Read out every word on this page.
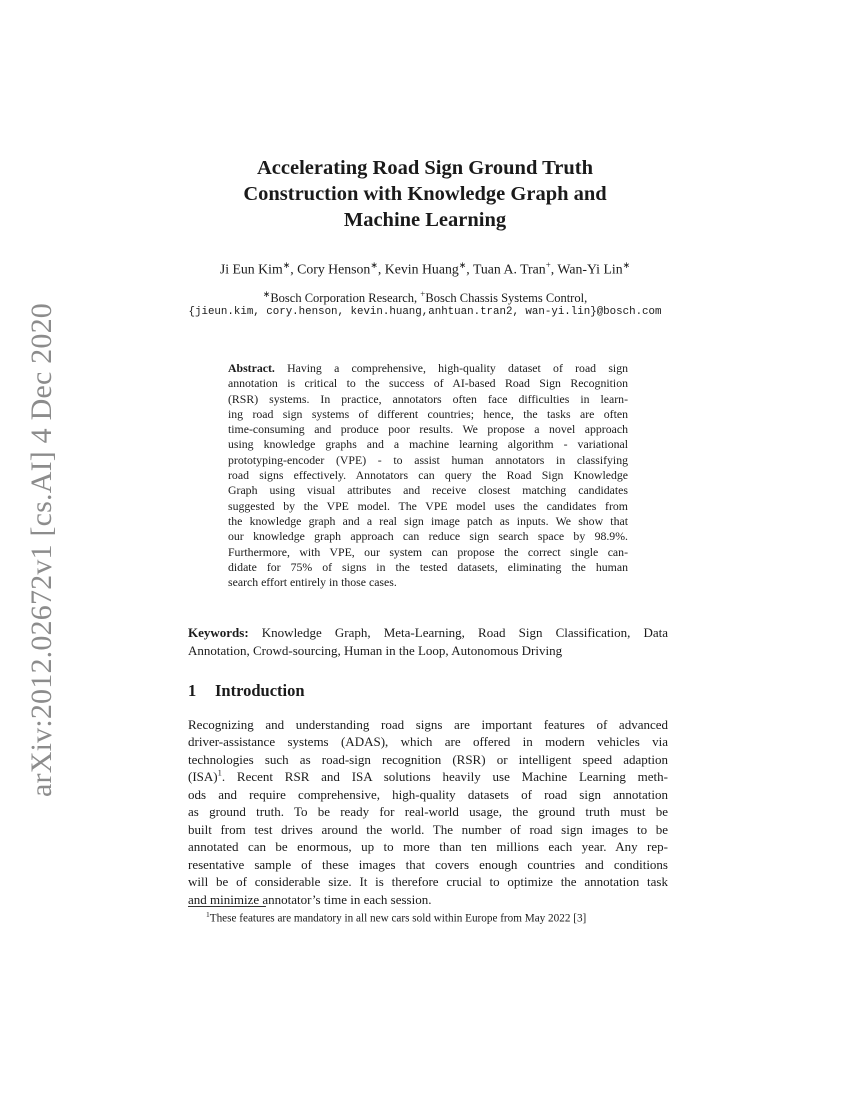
arXiv:2012.02672v1 [cs.AI] 4 Dec 2020
Accelerating Road Sign Ground Truth
Construction with Knowledge Graph and
Machine Learning
Ji Eun Kim∗, Cory Henson∗, Kevin Huang∗, Tuan A. Tran+, Wan-Yi Lin∗
∗Bosch Corporation Research, +Bosch Chassis Systems Control,
{jieun.kim, cory.henson, kevin.huang,anhtuan.tran2, wan-yi.lin}@bosch.com
Abstract. Having a comprehensive, high-quality dataset of road sign
annotation is critical to the success of AI-based Road Sign Recognition
(RSR) systems. In practice, annotators often face difficulties in learn-
ing road sign systems of different countries; hence, the tasks are often
time-consuming and produce poor results. We propose a novel approach
using knowledge graphs and a machine learning algorithm - variational
prototyping-encoder (VPE) - to assist human annotators in classifying
road signs effectively. Annotators can query the Road Sign Knowledge
Graph using visual attributes and receive closest matching candidates
suggested by the VPE model. The VPE model uses the candidates from
the knowledge graph and a real sign image patch as inputs. We show that
our knowledge graph approach can reduce sign search space by 98.9%.
Furthermore, with VPE, our system can propose the correct single can-
didate for 75% of signs in the tested datasets, eliminating the human
search effort entirely in those cases.
Keywords: Knowledge Graph, Meta-Learning, Road Sign Classification, Data
Annotation, Crowd-sourcing, Human in the Loop, Autonomous Driving
1 Introduction
Recognizing and understanding road signs are important features of advanced
driver-assistance systems (ADAS), which are offered in modern vehicles via
technologies such as road-sign recognition (RSR) or intelligent speed adaption
(ISA)$^1$. Recent RSR and ISA solutions heavily use Machine Learning meth-
ods and require comprehensive, high-quality datasets of road sign annotation
as ground truth. To be ready for real-world usage, the ground truth must be
built from test drives around the world. The number of road sign images to be
annotated can be enormous, up to more than ten millions each year. Any rep-
resentative sample of these images that covers enough countries and conditions
will be of considerable size. It is therefore crucial to optimize the annotation task
and minimize annotator’s time in each session.
$^1$These features are mandatory in all new cars sold within Europe from May 2022 [3]
